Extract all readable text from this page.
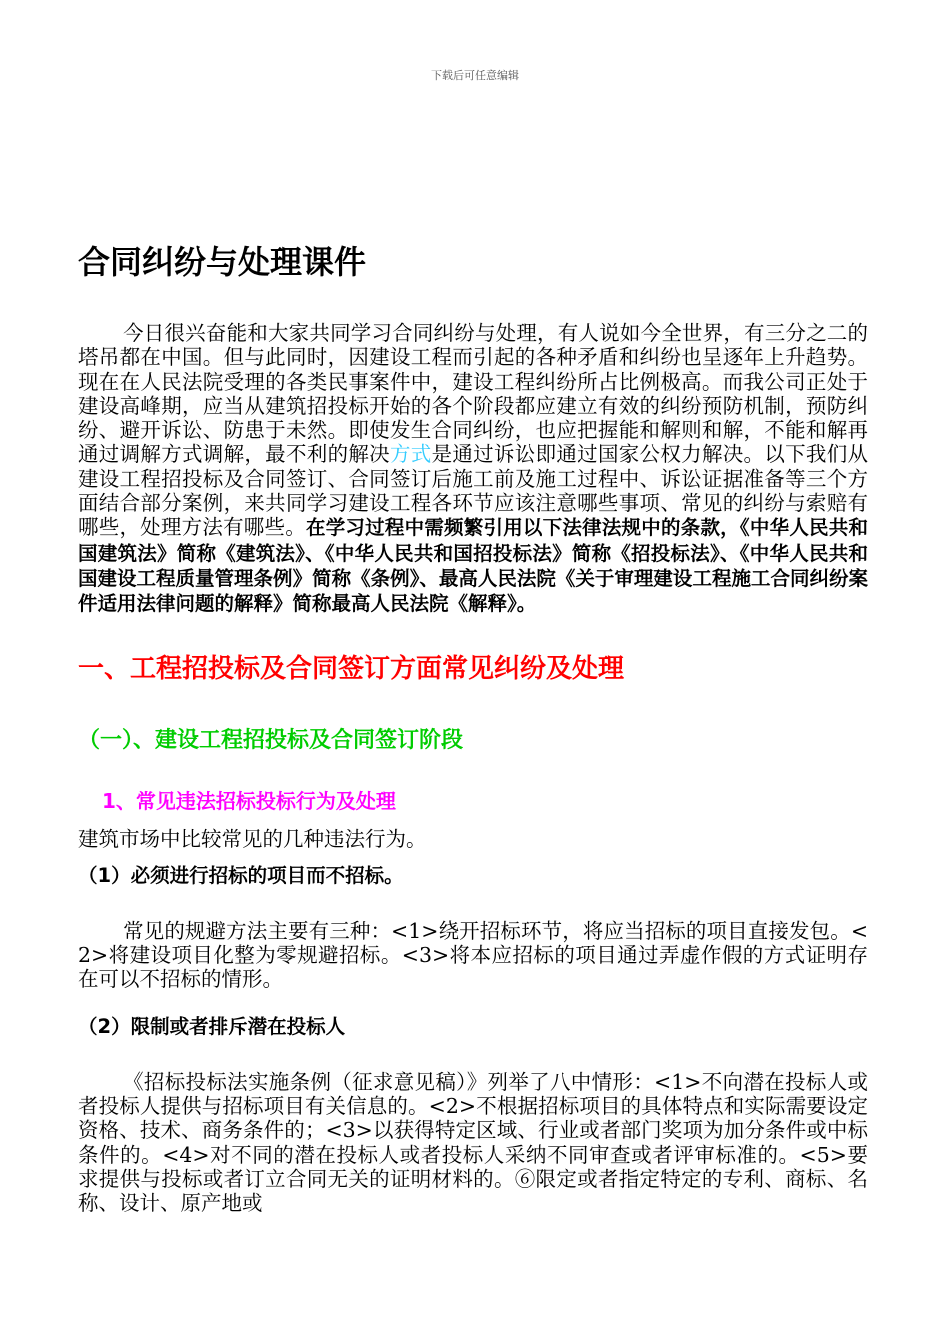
下载后可任意编辑
合同纠纷与处理课件

今日很兴奋能和大家共同学习合同纠纷与处理，有人说如今全世界，有三分之二的塔吊都在中国。但与此同时，因建设工程而引起的各种矛盾和纠纷也呈逐年上升趋势。现在在人民法院受理的各类民事案件中，建设工程纠纷所占比例极高。而我公司正处于建设高峰期，应当从建筑招投标开始的各个阶段都应建立有效的纠纷预防机制，预防纠纷、避开诉讼、防患于未然。即使发生合同纠纷，也应把握能和解则和解，不能和解再通过调解方式调解，最不利的解决方式是通过诉讼即通过国家公权力解决。以下我们从建设工程招投标及合同签订、合同签订后施工前及施工过程中、诉讼证据准备等三个方面结合部分案例，来共同学习建设工程各环节应该注意哪些事项、常见的纠纷与索赔有哪些，处理方法有哪些。在学习过程中需频繁引用以下法律法规中的条款，《中华人民共和国建筑法》简称《建筑法》、《中华人民共和国招投标法》简称《招投标法》、《中华人民共和国建设工程质量管理条例》简称《条例》、最高人民法院《关于审理建设工程施工合同纠纷案件适用法律问题的解释》简称最高人民法院《解释》。

一、工程招投标及合同签订方面常见纠纷及处理
（一）、建设工程招投标及合同签订阶段
1、常见违法招标投标行为及处理

建筑市场中比较常见的几种违法行为。

（1）必须进行招标的项目而不招标。

常见的规避方法主要有三种：<1>绕开招标环节，将应当招标的项目直接发包。<2>将建设项目化整为零规避招标。<3>将本应招标的项目通过弄虚作假的方式证明存在可以不招标的情形。

（2）限制或者排斥潜在投标人

《招标投标法实施条例（征求意见稿）》列举了八中情形：<1>不向潜在投标人或者投标人提供与招标项目有关信息的。<2>不根据招标项目的具体特点和实际需要设定资格、技术、商务条件的；<3>以获得特定区域、行业或者部门奖项为加分条件或中标条件的。<4>对不同的潜在投标人或者投标人采纳不同审查或者评审标准的。<5>要求提供与投标或者订立合同无关的证明材料的。⑥限定或者指定特定的专利、商标、名称、设计、原产地或
